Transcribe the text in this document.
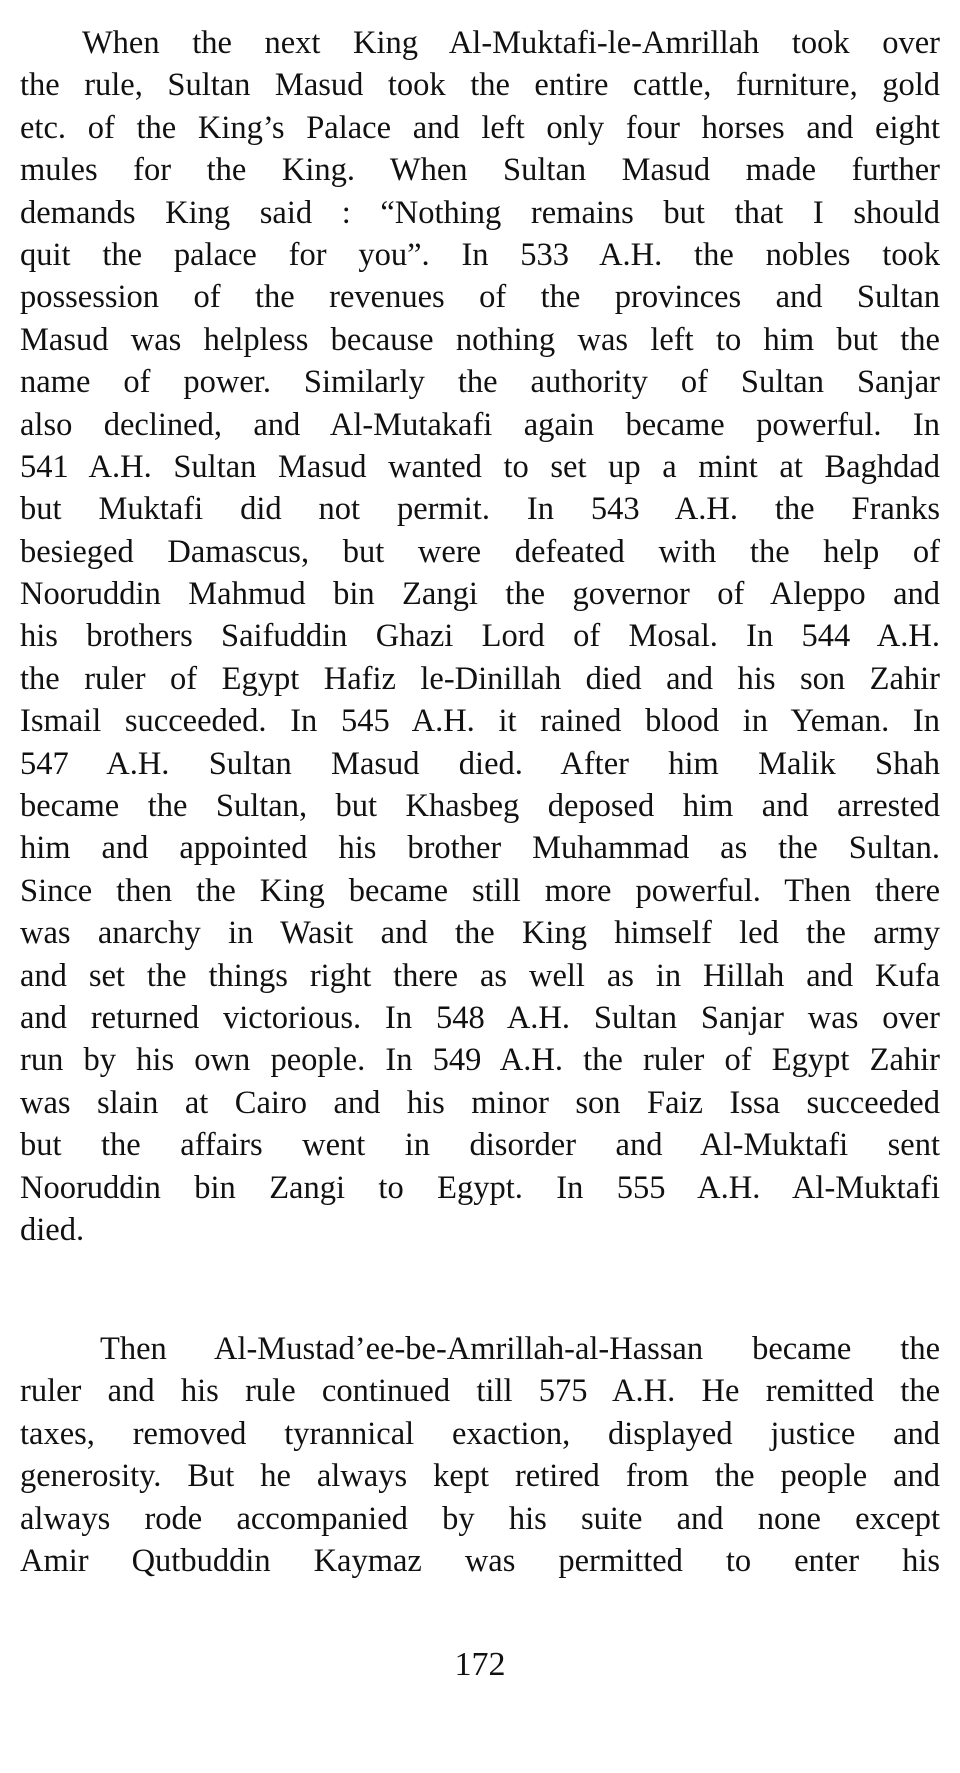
When the next King Al-Muktafi-le-Amrillah took over
the rule, Sultan Masud took the entire cattle, furniture, gold
etc. of the King’s Palace and left only four horses and eight
mules for the King. When Sultan Masud made further
demands King said : “Nothing remains but that I should
quit the palace for you”. In 533 A.H. the nobles took
possession of the revenues of the provinces and Sultan
Masud was helpless because nothing was left to him but the
name of power. Similarly the authority of Sultan Sanjar
also declined, and Al-Mutakafi again became powerful. In
541 A.H. Sultan Masud wanted to set up a mint at Baghdad
but Muktafi did not permit. In 543 A.H. the Franks
besieged Damascus, but were defeated with the help of
Nooruddin Mahmud bin Zangi the governor of Aleppo and
his brothers Saifuddin Ghazi Lord of Mosal. In 544 A.H.
the ruler of Egypt Hafiz le-Dinillah died and his son Zahir
Ismail succeeded. In 545 A.H. it rained blood in Yeman. In
547 A.H. Sultan Masud died. After him Malik Shah
became the Sultan, but Khasbeg deposed him and arrested
him and appointed his brother Muhammad as the Sultan.
Since then the King became still more powerful. Then there
was anarchy in Wasit and the King himself led the army
and set the things right there as well as in Hillah and Kufa
and returned victorious. In 548 A.H. Sultan Sanjar was over
run by his own people. In 549 A.H. the ruler of Egypt Zahir
was slain at Cairo and his minor son Faiz Issa succeeded
but the affairs went in disorder and Al-Muktafi sent
Nooruddin bin Zangi to Egypt. In 555 A.H. Al-Muktafi
died.
Then Al-Mustad’ee-be-Amrillah-al-Hassan became the
ruler and his rule continued till 575 A.H. He remitted the
taxes, removed tyrannical exaction, displayed justice and
generosity. But he always kept retired from the people and
always rode accompanied by his suite and none except
Amir Qutbuddin Kaymaz was permitted to enter his
172
